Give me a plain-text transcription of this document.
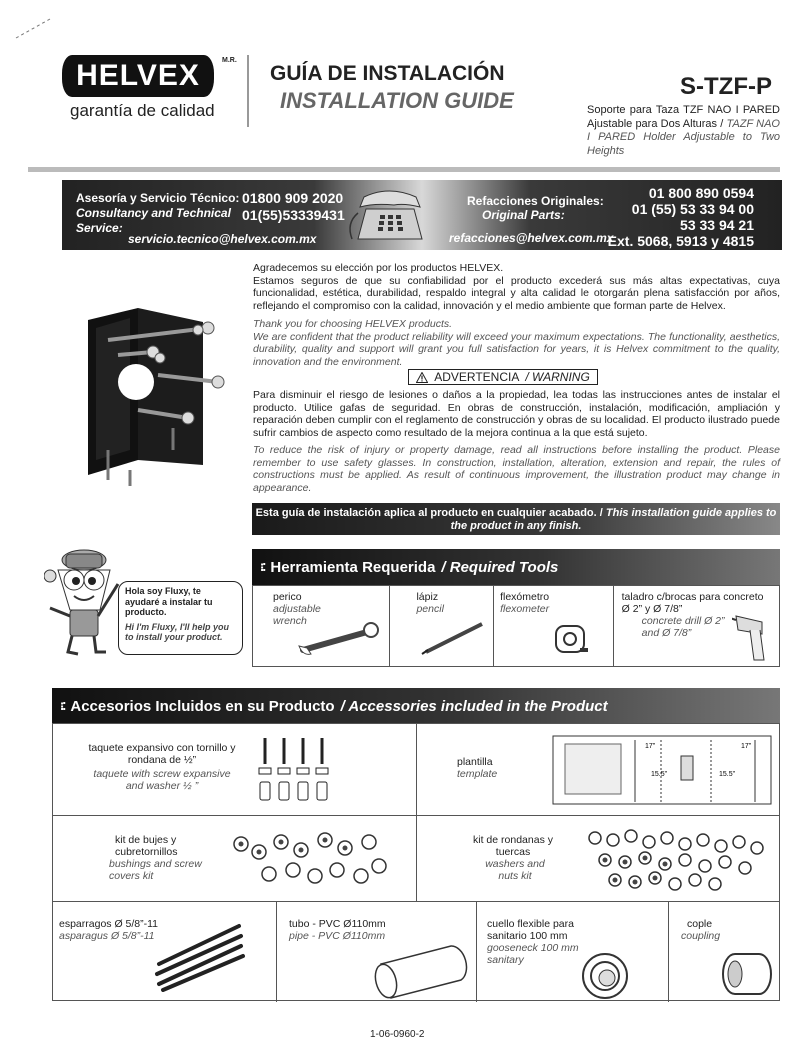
HELVEX	M.R.
garantía de calidad
GUÍA DE INSTALACIÓN
INSTALLATION GUIDE
S-TZF-P
Soporte para Taza TZF NAO I PARED Ajustable para Dos Alturas / TAZF NAO I PARED Holder Adjustable to Two Heights
Asesoría y Servicio Técnico:
Consultancy and Technical Service:
01800 909 2020
01(55)53339431
servicio.tecnico@helvex.com.mx
Refacciones Originales:
Original Parts:
refacciones@helvex.com.mx
01 800 890 0594
01 (55) 53 33 94 00
53 33 94 21
Ext. 5068, 5913 y 4815

Agradecemos su elección por los productos HELVEX.
Estamos seguros de que su confiabilidad por el producto excederá sus más altas expectativas, cuya funcionalidad, estética, durabilidad, respaldo integral y alta calidad le otorgarán plena satisfacción por años, reflejando el compromiso con la calidad, innovación y el medio ambiente que forman parte de Helvex.

Thank you for choosing HELVEX products.
We are confident that the product reliability will exceed your maximum expectations. The functionality, aesthetics, durability, quality and support will grant you full satisfaction for years, it is Helvex commitment to the quality, innovation and the environment.

ADVERTENCIA / WARNING

Para disminuir el riesgo de lesiones o daños a la propiedad, lea todas las instrucciones antes de instalar el producto. Utilice gafas de seguridad. En obras de construcción, instalación, modificación, ampliación y reparación deben cumplir con el reglamento de construcción y obras de su localidad. El producto ilustrado puede sufrir cambios de aspecto como resultado de la mejora continua a la que está sujeto.

To reduce the risk of injury or property damage, read all instructions before installing the product. Please remember to use safety glasses. In construction, installation, alteration, extension and repair, the rules of constructions must be applied. As result of continuous improvement, the illustration product may change in appearance.

Esta guía de instalación aplica al producto en cualquier acabado. / This installation guide applies to the product in any finish.
Hola soy Fluxy, te ayudaré a instalar tu producto.
Hi I'm Fluxy, I'll help you to install your product.
⁝⁚ Herramienta Requerida / Required Tools
perico
adjustable wrench
lápiz
pencil
flexómetro
flexometer
taladro c/brocas para concreto Ø 2” y Ø 7/8”
concrete drill Ø 2” and Ø 7/8”
⁝⁚ Accesorios Incluidos en su Producto / Accessories included in the Product
taquete expansivo con tornillo y rondana de ½”
taquete with screw expansive and washer ½ ”
plantilla
template
17”
15.5”	15.5”
17”
kit de bujes y cubretornillos
bushings and screw covers kit
kit de rondanas y tuercas
washers and nuts kit
esparragos Ø 5/8”-11
asparagus Ø 5/8”-11
tubo - PVC Ø110mm
pipe - PVC Ø110mm
cuello flexible para sanitario 100 mm
gooseneck 100 mm sanitary
cople
coupling
1-06-0960-2
